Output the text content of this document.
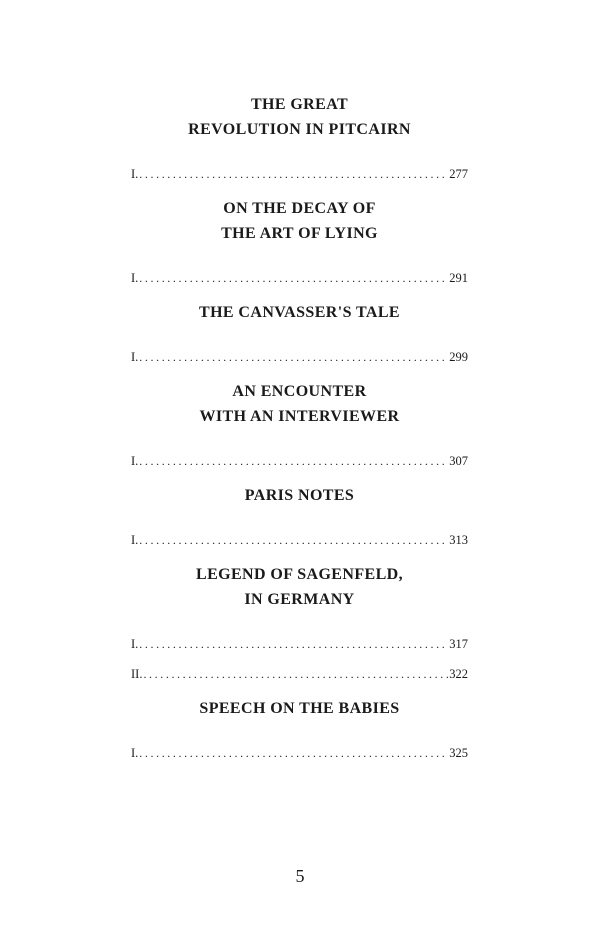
THE GREAT
REVOLUTION IN PITCAIRN
I . .....	277
ON THE DECAY OF
THE ART OF LYING
I . .....	291
THE CANVASSER'S TALE
I . .....	299
AN ENCOUNTER
WITH AN INTERVIEWER
I . .....	307
PARIS NOTES
I . .....	313
LEGEND OF SAGENFELD,
IN GERMANY
I . .....	317
II . .....	322
SPEECH ON THE BABIES
I . .....	325
5
